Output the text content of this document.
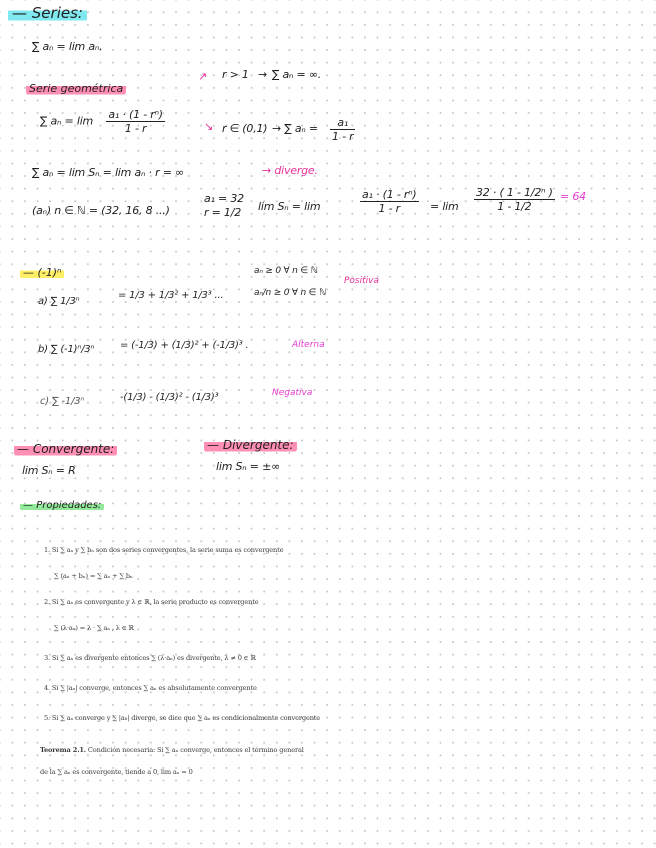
— Series:
∑ aₙ = lim aₙ.
Serie geométrica
↗ r > 1 → ∑ aₙ = ∞.
∑ $a_n = \lim \frac{\text{a₁ · (1 - rⁿ)}}{1 - r}$	↘ r ∈ (0,1) → ∑ $a_n = \frac{\text{a₁}}{1 - r}$
∑ aₙ = lim Sₙ = lim aₙ · r = ∞	→ diverge.
(aₙ) n ∈ ℕ = (32, 16, 8 ...)
a₁ = 32
r = 1/2 lim Sₙ = lim	$\frac{\text{a₁ · (1 - rⁿ)}}{1 - r} = \lim \frac{\text{32 · ( 1 - 1/2ⁿ )}}{1 - 1/2} = 64$
— (-1)ⁿ	aₙ ≥ 0 ∀ n ∈ ℕ
aₙ/n ≥ 0 ∀ n ∈ ℕ
Positiva
a) ∑ 1/3ⁿ
= 1/3 + 1/3² + 1/3³ ...
b) ∑ (-1)ⁿ/3ⁿ	= (-1/3) + (1/3)² + (-1/3)³ .	Alterna
c) ∑ -1/3ⁿ	-(1/3) - (1/3)² - (1/3)³	Negativa
— Convergente:
lim Sₙ = R
— Divergente:
lim Sₙ = ±∞
— Propiedades:
1. Si ∑ aₙ y ∑ bₙ son dos series convergentes, la serie suma es convergente
∑ (aₙ + bₙ) = ∑ aₙ + ∑ bₙ
2. Si ∑ aₙ es convergente y λ ∈ ℝ, la serie producto es convergente
∑ (λ·aₙ) = λ · ∑ aₙ , λ ∈ ℝ
3. Si ∑ aₙ es divergente entonces ∑ (λ·aₙ) es divergente, λ ≠ 0 ∈ ℝ
4. Si ∑ |aₙ| converge, entonces ∑ aₙ es absolutamente convergente
5. Si ∑ aₙ converge y ∑ |aₙ| diverge, se dice que ∑ aₙ es condicionalmente convergente
Teorema 2.1. Condición necesaria: Si ∑ aₙ converge, entonces el término general
de la ∑ aₙ es convergente, tiende a 0, lim aₙ = 0
